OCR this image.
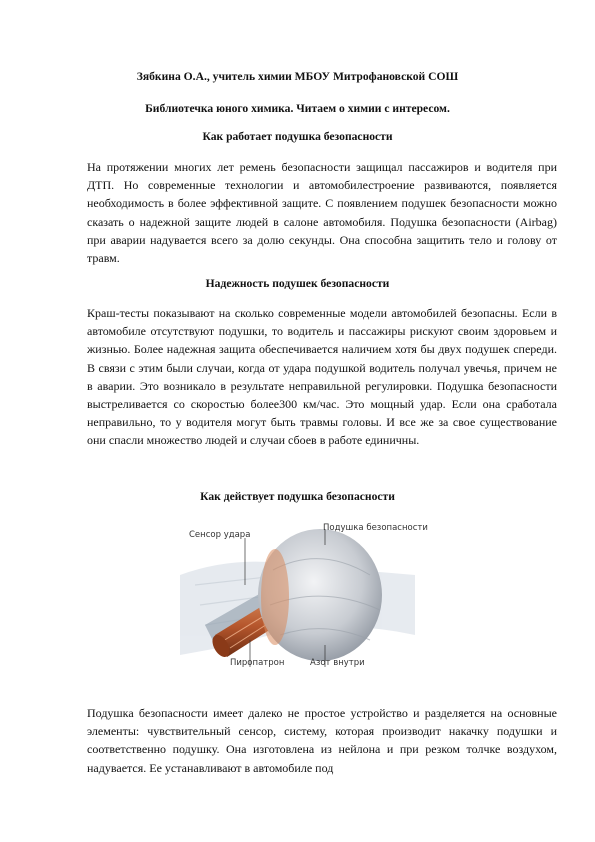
Зябкина О.А., учитель химии МБОУ Митрофановской СОШ
Библиотечка юного химика. Читаем о химии с интересом.
Как работает подушка безопасности

На протяжении многих лет ремень безопасности защищал пассажиров и водителя при ДТП. Но современные технологии и автомобилестроение развиваются, появляется необходимость в более эффективной защите. С появлением подушек безопасности можно сказать о надежной защите людей в салоне автомобиля. Подушка безопасности (Airbag) при аварии надувается всего за долю секунды. Она способна защитить тело и голову от травм.

Надежность подушек безопасности

Краш-тесты показывают на сколько современные модели автомобилей безопасны. Если в автомобиле отсутствуют подушки, то водитель и пассажиры рискуют своим здоровьем и жизнью. Более надежная защита обеспечивается наличием хотя бы двух подушек спереди. В связи с этим были случаи, когда от удара подушкой водитель получал увечья, причем не в аварии. Это возникало в результате неправильной регулировки. Подушка безопасности выстреливается со скоростью более300 км/час. Это мощный удар. Если она сработала неправильно, то у водителя могут быть травмы головы. И все же за свое существование они спасли множество людей и случаи сбоев в работе единичны.

Как действует подушка безопасности
Сенсор удара
Подушка безопасности
Пиропатрон	Азот внутри

Подушка безопасности имеет далеко не простое устройство и разделяется на основные элементы: чувствительный сенсор, систему, которая производит накачку подушки и соответственно подушку. Она изготовлена из нейлона и при резком толчке воздухом, надувается. Ее устанавливают в автомобиле под
